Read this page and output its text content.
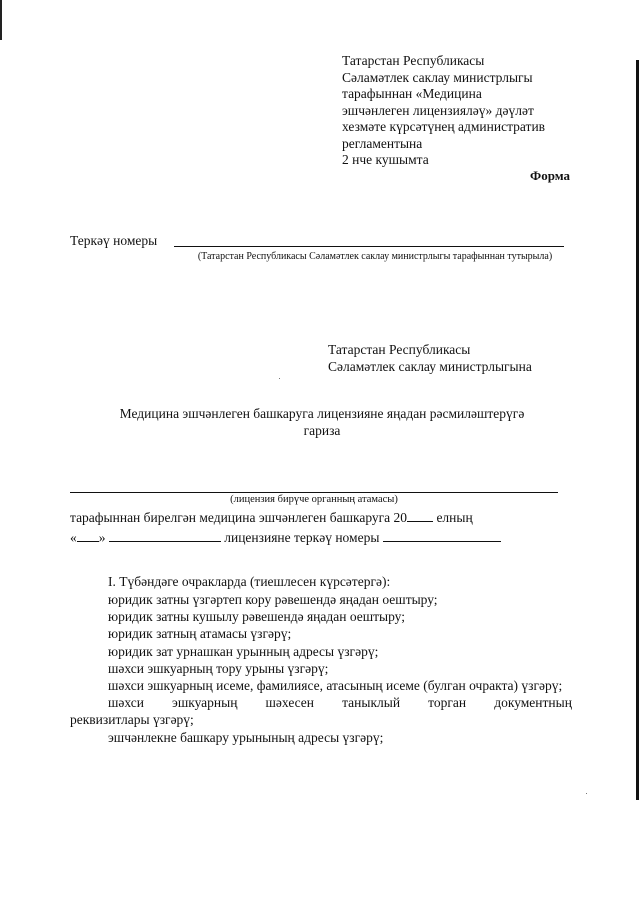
Татарстан Республикасы
Сәламәтлек саклау министрлыгы
тарафыннан «Медицина
эшчәнлеген лицензияләү» дәүләт
хезмәте күрсәтүнең административ
регламентына
2 нче кушымта
Форма
Теркәү номеры
(Татарстан Республикасы Сәламәтлек саклау министрлыгы тарафыннан тутырыла)
Татарстан Республикасы
Сәламәтлек саклау министрлыгына
Медицина эшчәнлеген башкаруга лицензияне яңадан рәсмиләштерүгә
гариза
(лицензия бирүче органның атамасы)
тарафыннан бирелгән медицина эшчәнлеген башкаруга 20 елның
« »	лицензияне теркәү номеры
I. Түбәндәге очракларда (тиешлесен күрсәтергә):
юридик затны үзгәртеп кору рәвешендә яңадан оештыру;
юридик затны кушылу рәвешендә яңадан оештыру;
юридик затның атамасы үзгәрү;
юридик зат урнашкан урынның адресы үзгәрү;
шәхси эшкуарның тору урыны үзгәрү;
шәхси эшкуарның исеме, фамилиясе, атасының исеме (булган очракта) үзгәрү;
шәхси эшкуарның шәхесен таныклый торган документның
реквизитлары үзгәрү;
эшчәнлекне башкару урынының адресы үзгәрү;
